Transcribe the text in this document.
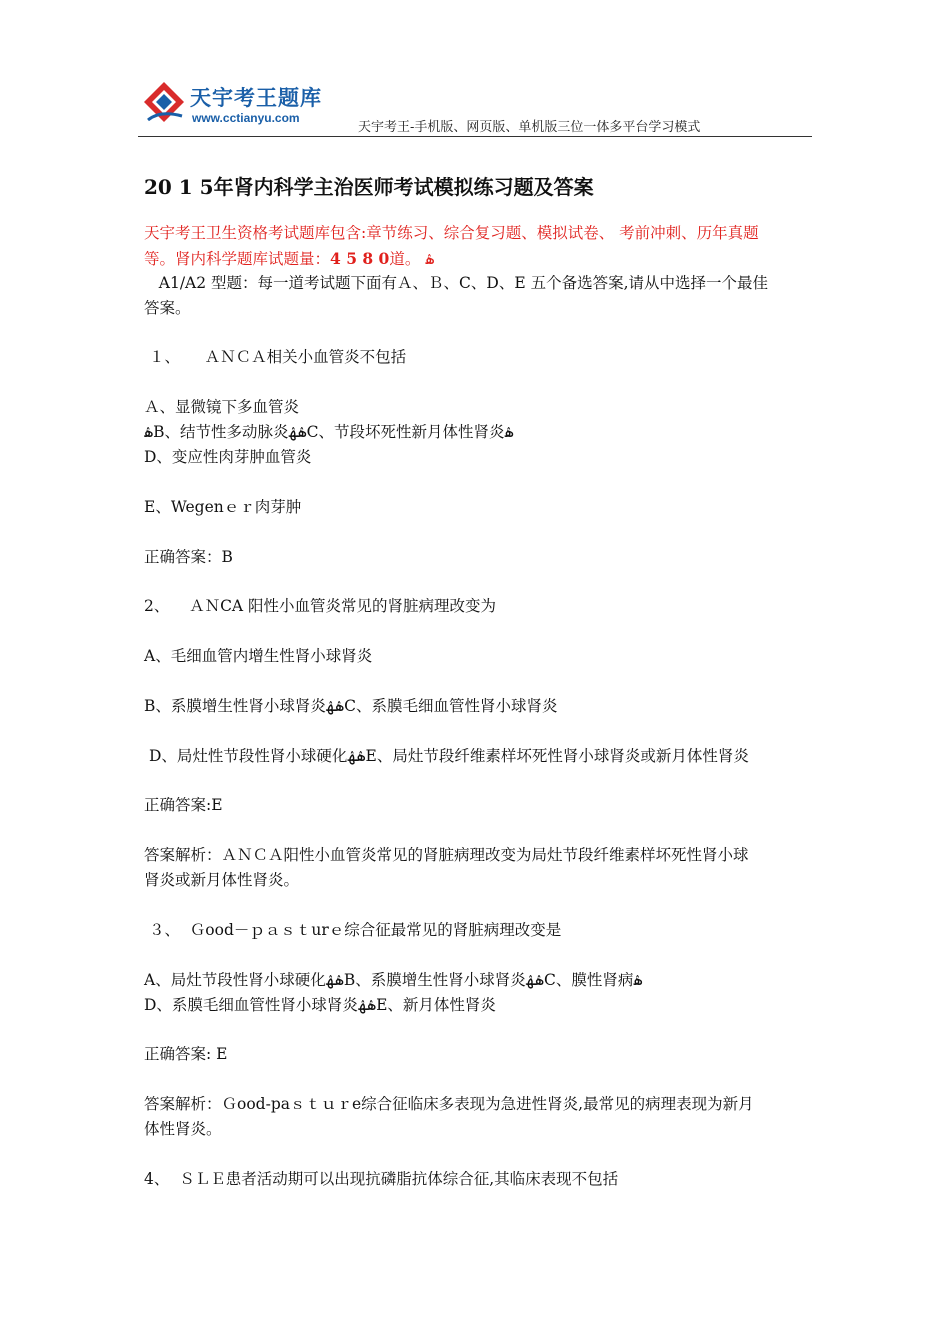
天宇考王题库
www.cctianyu.com
天宇考王-手机版、网页版、单机版三位一体多平台学习模式
20 1 5年肾内科学主治医师考试模拟练习题及答案
天宇考王卫生资格考试题库包含:章节练习、综合复习题、模拟试卷、 考前冲刺、历年真题
等。肾内科学题库试题量：4 5 8 0道。 ۿ
A1/A2 型题：每一道考试题下面有Ａ、Ｂ、C、D、E 五个备选答案,请从中选择一个最佳
答案。
１、     ＡＮＣＡ相关小血管炎不包括
Ａ、显微镜下多血管炎
ۿB、结节性多动脉炎ۿۿC、节段坏死性新月体性肾炎ۿ
D、变应性肉芽肿血管炎
E、Wegenｅｒ肉芽肿
正确答案：B
2、    ＡＮCA 阳性小血管炎常见的肾脏病理改变为
A、毛细血管内增生性肾小球肾炎
B、系膜增生性肾小球肾炎ۿۿC、系膜毛细血管性肾小球肾炎
D、局灶性节段性肾小球硬化ۿۿE、局灶节段纤维素样坏死性肾小球肾炎或新月体性肾炎
正确答案:E
答案解析：ＡＮＣＡ阳性小血管炎常见的肾脏病理改变为局灶节段纤维素样坏死性肾小球
肾炎或新月体性肾炎。
３、  Ｇood－ｐａｓｔurｅ综合征最常见的肾脏病理改变是
A、局灶节段性肾小球硬化ۿۿB、系膜增生性肾小球肾炎ۿۿC、膜性肾病ۿ
D、系膜毛细血管性肾小球肾炎ۿۿE、新月体性肾炎
正确答案: E
答案解析：Ｇood-paｓｔｕｒe综合征临床多表现为急进性肾炎,最常见的病理表现为新月
体性肾炎。
4、  ＳＬＥ患者活动期可以出现抗磷脂抗体综合征,其临床表现不包括
